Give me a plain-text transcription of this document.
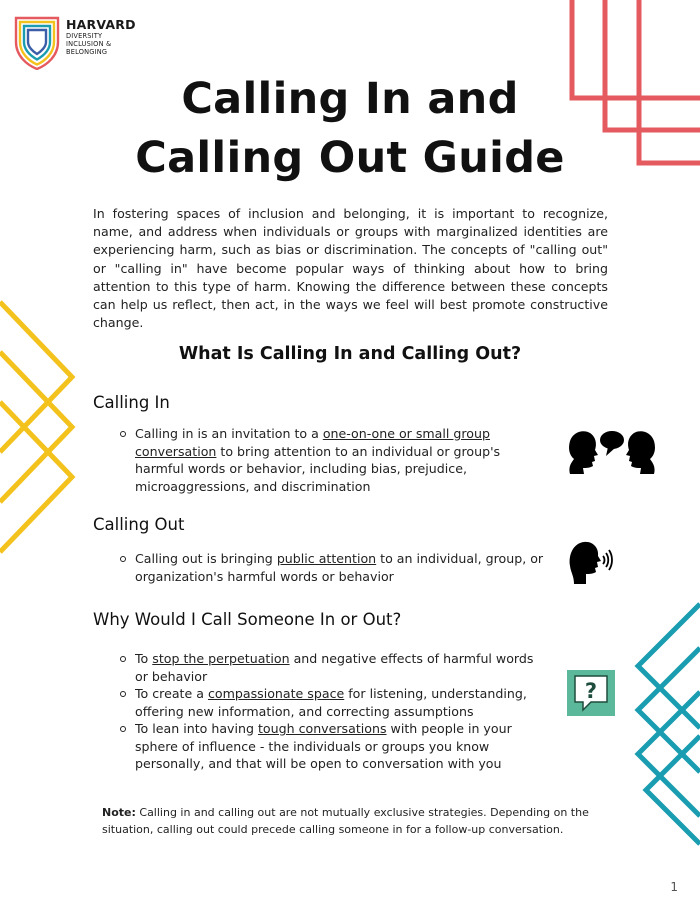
HARVARD
DIVERSITY
INCLUSION &
BELONGING
Calling In and
Calling Out Guide
In fostering spaces of inclusion and belonging, it is important to recognize, name, and address when individuals or groups with marginalized identities are experiencing harm, such as bias or discrimination. The concepts of "calling out" or "calling in" have become popular ways of thinking about how to bring attention to this type of harm. Knowing the difference between these concepts can help us reflect, then act, in the ways we feel will best promote constructive change.
What Is Calling In and Calling Out?
Calling In
Calling in is an invitation to a one-on-one or small group conversation to bring attention to an individual or group's harmful words or behavior, including bias, prejudice, microaggressions, and discrimination
Calling Out
Calling out is bringing public attention to an individual, group, or organization's harmful words or behavior
Why Would I Call Someone In or Out?
To stop the perpetuation and negative effects of harmful words or behavior
To create a compassionate space for listening, understanding, offering new information, and correcting assumptions
To lean into having tough conversations with people in your sphere of influence - the individuals or groups you know personally, and that will be open to conversation with you
?
Note: Calling in and calling out are not mutually exclusive strategies. Depending on the situation, calling out could precede calling someone in for a follow-up conversation.
1
